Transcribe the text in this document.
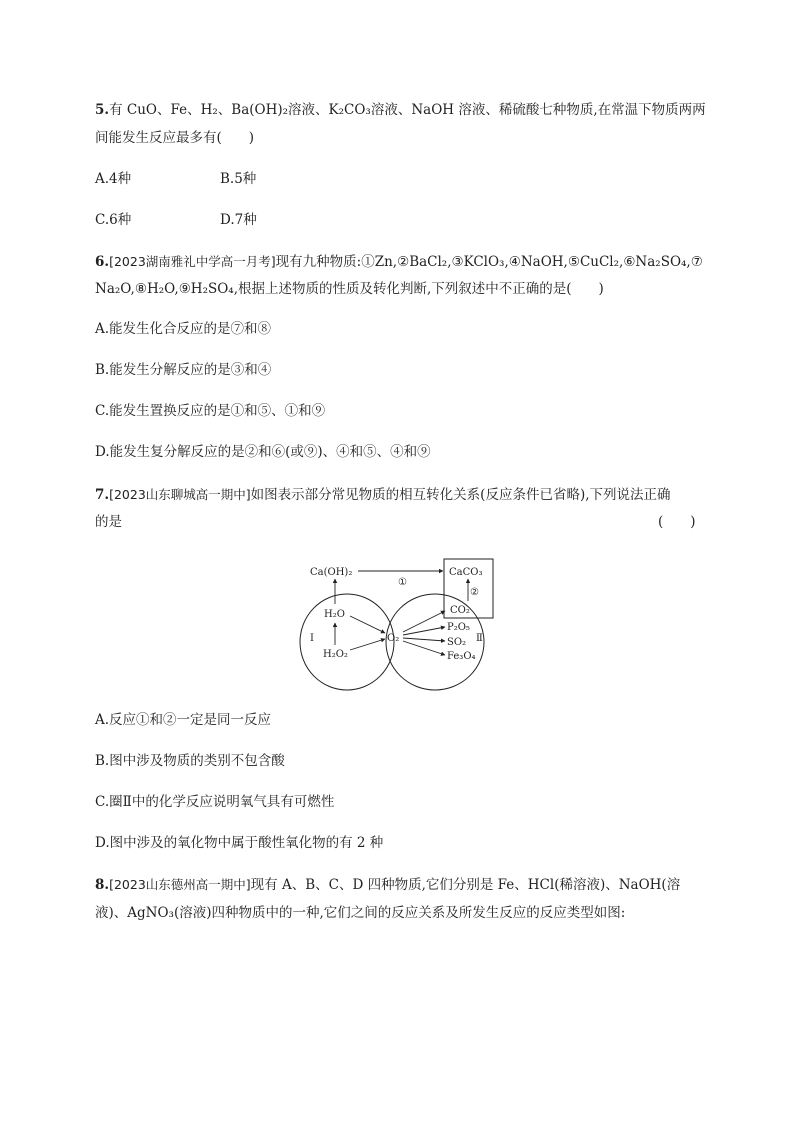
5.有 CuO、Fe、H₂、Ba(OH)₂溶液、K₂CO₃溶液、NaOH 溶液、稀硫酸七种物质,在常温下物质两两
间能发生反应最多有(　　)
A.4种	B.5种
C.6种	D.7种
6.[2023湖南雅礼中学高一月考]现有九种物质:①Zn,②BaCl₂,③KClO₃,④NaOH,⑤CuCl₂,⑥Na₂SO₄,⑦
Na₂O,⑧H₂O,⑨H₂SO₄,根据上述物质的性质及转化判断,下列叙述中不正确的是(　　)
A.能发生化合反应的是⑦和⑧
B.能发生分解反应的是③和④
C.能发生置换反应的是①和⑤、①和⑨
D.能发生复分解反应的是②和⑥(或⑨)、④和⑤、④和⑨
7.[2023山东聊城高一期中]如图表示部分常见物质的相互转化关系(反应条件已省略),下列说法正确
的是	(　　)
Ca(OH)₂	CaCO₃
①
②
CO₂
H₂O
H₂O₂
Ⅰ	O₂
P₂O₅
SO₂
Fe₃O₄
Ⅱ
A.反应①和②一定是同一反应
B.图中涉及物质的类别不包含酸
C.圈Ⅱ中的化学反应说明氧气具有可燃性
D.图中涉及的氧化物中属于酸性氧化物的有 2 种
8.[2023山东德州高一期中]现有 A、B、C、D 四种物质,它们分别是 Fe、HCl(稀溶液)、NaOH(溶
液)、AgNO₃(溶液)四种物质中的一种,它们之间的反应关系及所发生反应的反应类型如图:
